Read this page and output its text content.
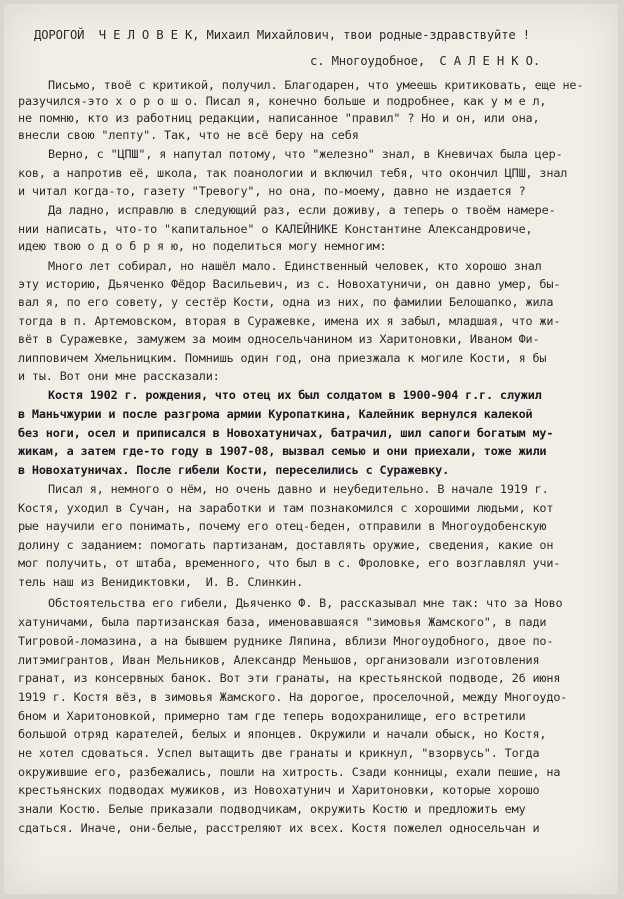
ДОРОГОЙ  Ч Е Л О В Е К, Михаил Михайлович, твои родные-здравствуйте !
с. Многоудобное,  С А Л Е Н К О.
Письмо, твоё с критикой, получил. Благодарен, что умеешь критиковать, еще не-
разучился-это х о р о ш о. Писал я, конечно больше и подробнее, как у м е л,
не помню, кто из работниц редакции, написанное "правил" ? Но и он, или она,
внесли свою "лепту". Так, что не всё беру на себя
Верно, с "ЦПШ", я напутал потому, что "железно" знал, в Кневичах была цер-
ков, а напротив её, школа, так поанологии и включил тебя, что окончил ЦПШ, знал
и читал когда-то, газету "Тревогу", но она, по-моему, давно не издается ?
Да ладно, исправлю в следующий раз, если доживу, а теперь о твоём намере-
нии написать, что-то "капитальное" о КАЛЕЙНИКЕ Константине Александровиче,
идею твою о д о б р я ю, но поделиться могу немногим:
Много лет собирал, но нашёл мало. Единственный человек, кто хорошо знал
эту историю, Дьяченко Фёдор Васильевич, из с. Новохатуничи, он давно умер, бы-
вал я, по его совету, у сестёр Кости, одна из них, по фамилии Белошапко, жила
тогда в п. Артемовском, вторая в Суражевке, имена их я забыл, младшая, что жи-
вёт в Суражевке, замужем за моим односельчанином из Харитоновки, Иваном Фи-
липповичем Хмельницким. Помнишь один год, она приезжала к могиле Кости, я бы
и ты. Вот они мне рассказали:
Костя 1902 г. рождения, что отец их был солдатом в 1900-904 г.г. служил
в Маньчжурии и после разгрома армии Куропаткина, Калейник вернулся калекой
без ноги, осел и приписался в Новохатуничах, батрачил, шил сапоги богатым му-
жикам, а затем где-то году в 1907-08, вызвал семью и они приехали, тоже жили
в Новохатуничах. После гибели Кости, переселились с Суражевку.
Писал я, немного о нём, но очень давно и неубедительно. В начале 1919 г.
Костя, уходил в Сучан, на заработки и там познакомился с хорошими людьми, кот
рые научили его понимать, почему его отец-беден, отправили в Многоудобенскую
долину с заданием: помогать партизанам, доставлять оружие, сведения, какие он
мог получить, от штаба, временного, что был в с. Фроловке, его возглавлял учи-
тель наш из Венидиктовки,  И. В. Слинкин.
Обстоятельства его гибели, Дьяченко Ф. В, рассказывал мне так: что за Ново
хатуничами, была партизанская база, именовавшаяся "зимовья Жамского", в пади
Тигровой-ломазина, а на бывшем руднике Ляпина, вблизи Многоудобного, двое по-
литэмигрантов, Иван Мельников, Александр Меньшов, организовали изготовления
гранат, из консервных банок. Вот эти гранаты, на крестьянской подводе, 26 июня
1919 г. Костя вёз, в зимовья Жамского. На дорогое, проселочной, между Многоудо-
бном и Харитоновкой, примерно там где теперь водохранилище, его встретили
большой отряд карателей, белых и японцев. Окружили и начали обыск, но Костя,
не хотел сдоваться. Успел вытащить две гранаты и крикнул, "взорвусь". Тогда
окружившие его, разбежались, пошли на хитрость. Сзади конницы, ехали пешие, на
крестьянских подводах мужиков, из Новохатунич и Харитоновки, которые хорошо
знали Костю. Белые приказали подводчикам, окружить Костю и предложить ему
сдаться. Иначе, они-белые, расстреляют их всех. Костя пожелел односельчан и
